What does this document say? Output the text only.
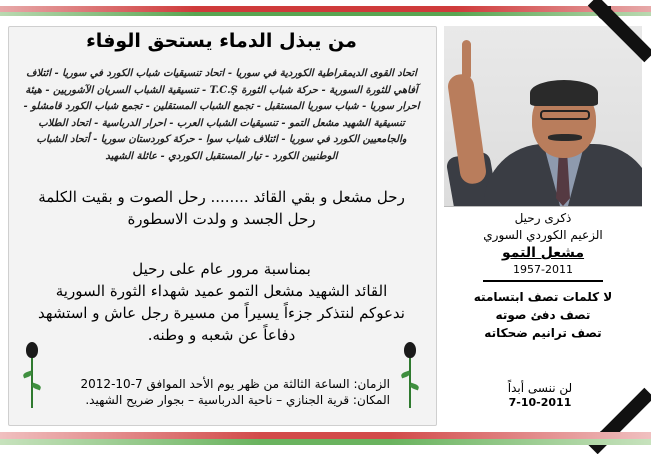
من يبذل الدماء يستحق الوفاء
اتحاد القوى الديمقراطية الكوردية في سوريا - اتحاد تنسيقيات شباب الكورد في سوريا - ائتلاف
آفاهي للثورة السورية - حركة شباب الثورة T.C.Ş - تنسيقية الشباب السريان الآشوريين - هيئة
احرار سوريا - شباب سوريا المستقبل - تجمع الشباب المستقلين - تجمع شباب الكورد قامشلو -
تنسيقية الشهيد مشعل التمو - تنسيقيات الشباب العرب - احرار الدرباسية - اتحاد الطلاب
والجامعيين الكورد في سوريا - ائتلاف شباب سوا - حركة كوردستان سوريا - أتحاد الشباب
الوطنيين الكورد - تيار المستقبل الكوردي - عائلة الشهيد
رحل مشعل و بقي القائد ........ رحل الصوت و بقيت الكلمة
رحل الجسد و ولدت الاسطورة
بمناسبة مرور عام على رحيل
القائد الشهيد مشعل التمو عميد شهداء الثورة السورية
ندعوكم لنتذكر جزءاً يسيراً من مسيرة رجل عاش و استشهد
دفاعاً عن شعبه و وطنه.
الزمان: الساعة الثالثة من ظهر يوم الأحد الموافق 7-10-2012
المكان: قرية الجنازي – ناحية الدرباسية – بجوار ضريح الشهيد.
ذكرى رحيل
الزعيم الكوردي السوري
مشعل التمو
1957-2011
لا كلمات تصف ابتسامته
تصف دفئ صوته
تصف ترانيم ضحكاته
لن ننسى أبداً
7-10-2011
